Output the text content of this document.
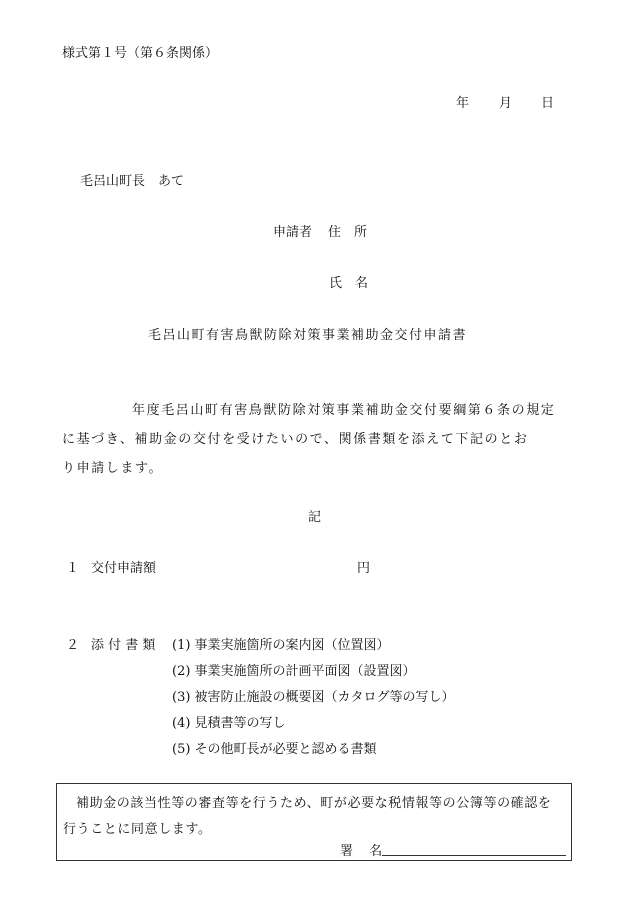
様式第１号（第６条関係）
年 月 日
毛呂山町長　あて
申請者 住　所
氏　名
毛呂山町有害鳥獣防除対策事業補助金交付申請書
年度毛呂山町有害鳥獣防除対策事業補助金交付要綱第６条の規定
に基づき、補助金の交付を受けたいので、関係書類を添えて下記のとお
り申請します。
記
１ 交付申請額	円
２ 添 付 書 類 (1) 事業実施箇所の案内図（位置図）
(2) 事業実施箇所の計画平面図（設置図）
(3) 被害防止施設の概要図（カタログ等の写し）
(4) 見積書等の写し
(5) その他町長が必要と認める書類
補助金の該当性等の審査等を行うため、町が必要な税情報等の公簿等の確認を
行うことに同意します。
署 名
